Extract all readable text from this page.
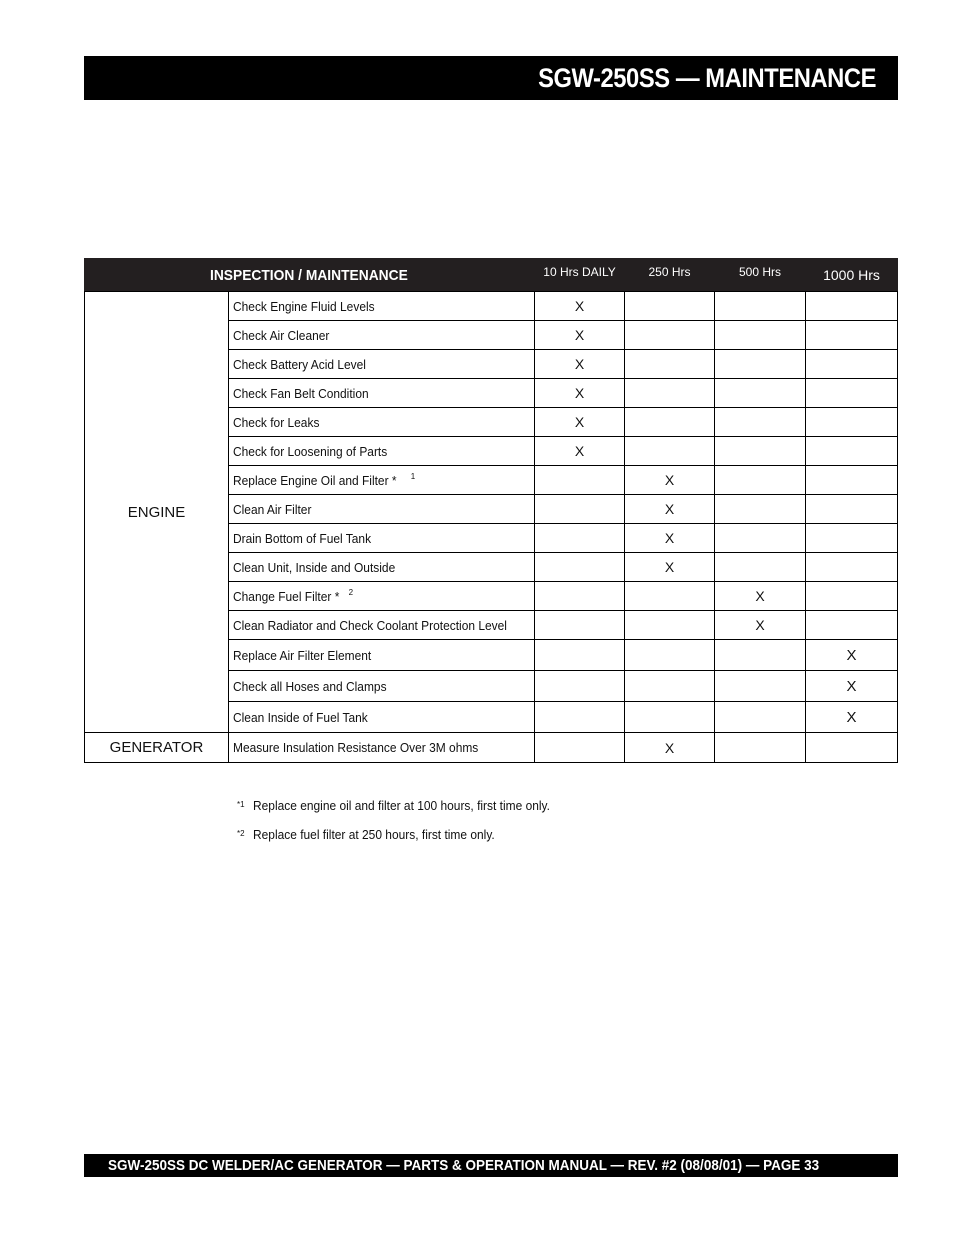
SGW-250SS — MAINTENANCE
INSPECTION / MAINTENANCE		10 Hrs DAILY	250 Hrs	500 Hrs	1000 Hrs
ENGINE	Check Engine Fluid Levels	X			
	Check Air Cleaner	X			
	Check Battery Acid Level	X			
	Check Fan Belt Condition	X			
	Check for Leaks	X			
	Check for Loosening of Parts	X			
	Replace Engine Oil and Filter * $^1$		X		
	Clean Air Filter		X		
	Drain Bottom of Fuel Tank		X		
	Clean Unit, Inside and Outside		X		
	Change Fuel Filter * $^2$			X	
	Clean Radiator and Check Coolant Protection Level			X	
	Replace Air Filter Element				X
	Check all Hoses and Clamps				X
	Clean Inside of Fuel Tank				X
GENERATOR	Measure Insulation Resistance Over 3M ohms		X		
$^{*1}$ Replace engine oil and filter at 100 hours, first time only.
$^{*2}$ Replace fuel filter at 250 hours, first time only.
SGW-250SS DC WELDER/AC GENERATOR — PARTS & OPERATION MANUAL — REV. #2 (08/08/01) — PAGE 33
